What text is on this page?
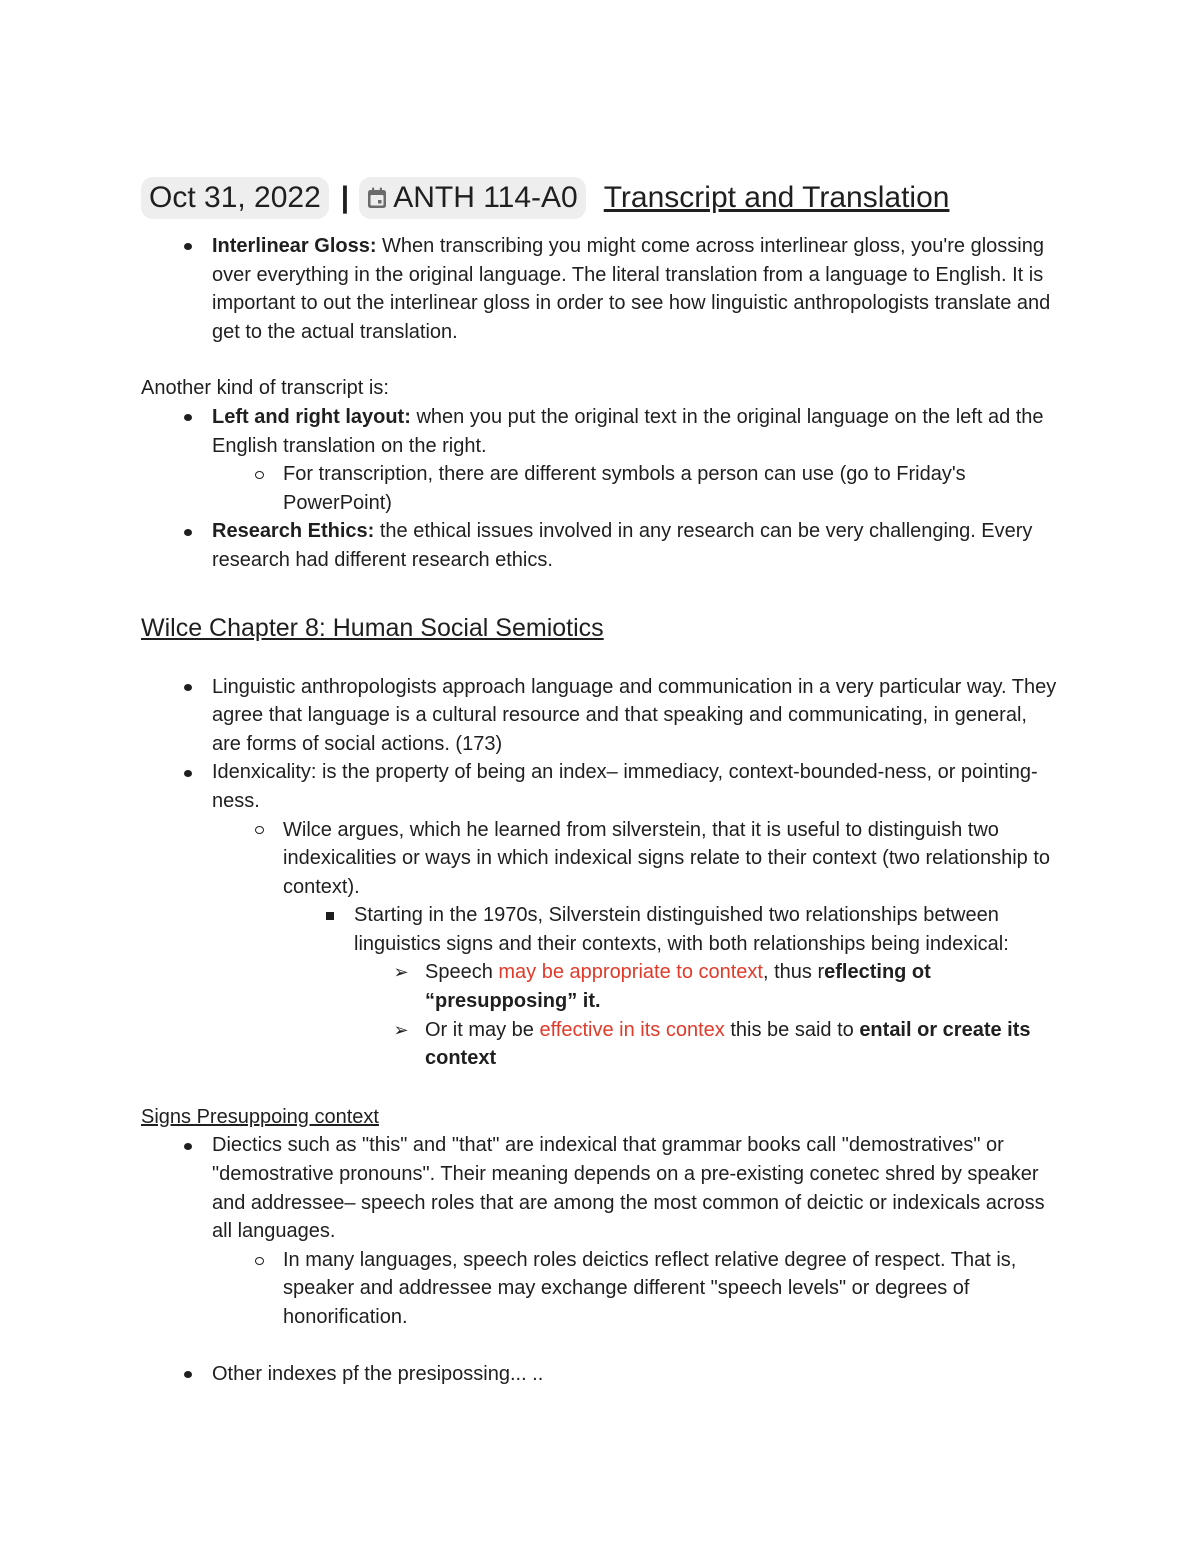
Oct 31, 2022 | ANTH 114-A0 Transcript and Translation
Interlinear Gloss: When transcribing you might come across interlinear gloss, you're glossing over everything in the original language. The literal translation from a language to English. It is important to out the interlinear gloss in order to see how linguistic anthropologists translate and get to the actual translation.
Another kind of transcript is:
Left and right layout: when you put the original text in the original language on the left ad the English translation on the right.
For transcription, there are different symbols a person can use (go to Friday's PowerPoint)
Research Ethics: the ethical issues involved in any research can be very challenging. Every research had different research ethics.
Wilce Chapter 8: Human Social Semiotics
Linguistic anthropologists approach language and communication in a very particular way. They agree that language is a cultural resource and that speaking and communicating, in general, are forms of social actions. (173)
Idenxicality: is the property of being an index– immediacy, context-bounded-ness, or pointing-ness.
Wilce argues, which he learned from silverstein, that it is useful to distinguish two indexicalities or ways in which indexical signs relate to their context (two relationship to context).
Starting in the 1970s, Silverstein distinguished two relationships between linguistics signs and their contexts, with both relationships being indexical:
➢ Speech may be appropriate to context, thus reflecting ot “presupposing” it.
➢ Or it may be effective in its contex this be said to entail or create its context
Signs Presuppoing context
Diectics such as "this" and "that" are indexical that grammar books call "demostratives" or "demostrative pronouns". Their meaning depends on a pre-existing conetec shred by speaker and addressee– speech roles that are among the most common of deictic or indexicals across all languages.
In many languages, speech roles deictics reflect relative degree of respect. That is, speaker and addressee may exchange different "speech levels" or degrees of honorification.
Other indexes pf the presipossing... ..
